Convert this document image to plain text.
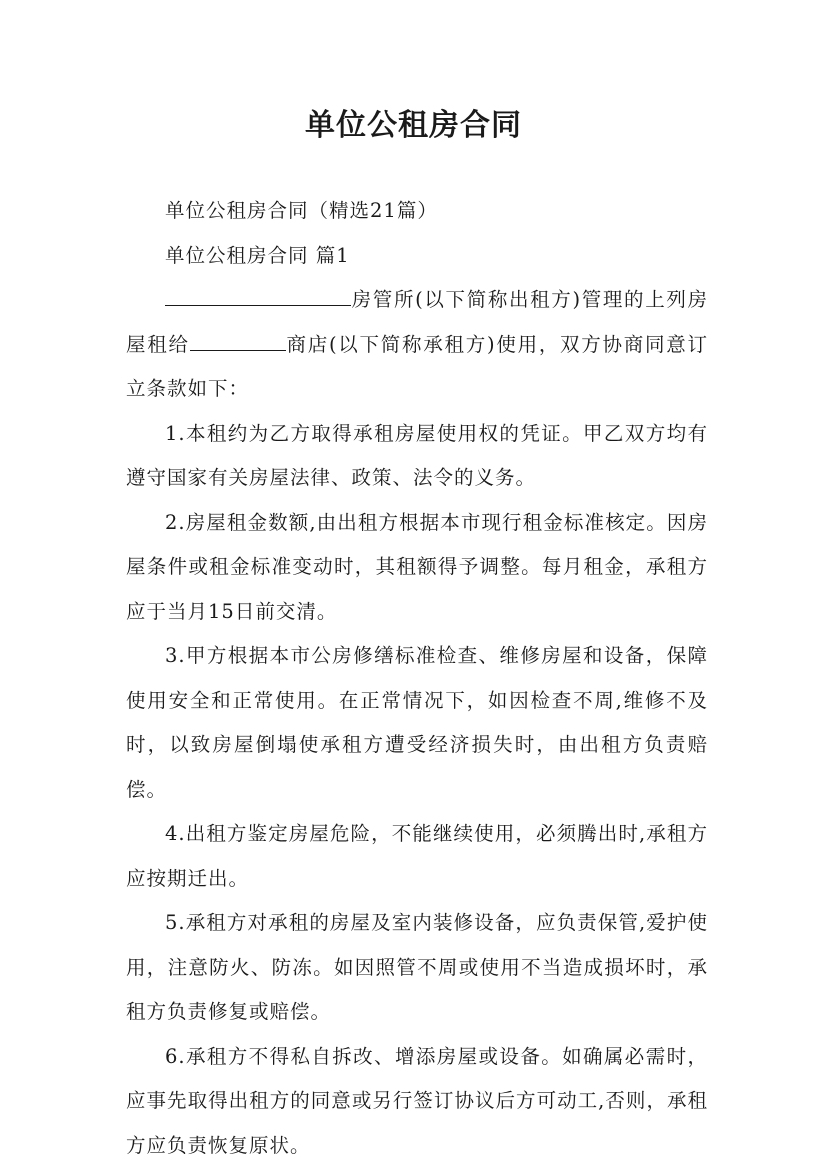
单位公租房合同

单位公租房合同（精选21篇）

单位公租房合同 篇1

房管所(以下简称出租方)管理的上列房屋租给	商店(以下简称承租方)使用，双方协商同意订立条款如下：

1.本租约为乙方取得承租房屋使用权的凭证。甲乙双方均有遵守国家有关房屋法律、政策、法令的义务。

2.房屋租金数额,由出租方根据本市现行租金标准核定。因房屋条件或租金标准变动时，其租额得予调整。每月租金，承租方应于当月15日前交清。

3.甲方根据本市公房修缮标准检查、维修房屋和设备，保障使用安全和正常使用。在正常情况下，如因检查不周,维修不及时，以致房屋倒塌使承租方遭受经济损失时，由出租方负责赔偿。

4.出租方鉴定房屋危险，不能继续使用，必须腾出时,承租方应按期迁出。

5.承租方对承租的房屋及室内装修设备，应负责保管,爱护使用，注意防火、防冻。如因照管不周或使用不当造成损坏时，承租方负责修复或赔偿。

6.承租方不得私自拆改、增添房屋或设备。如确属必需时，应事先取得出租方的同意或另行签订协议后方可动工,否则，承租方应负责恢复原状。
